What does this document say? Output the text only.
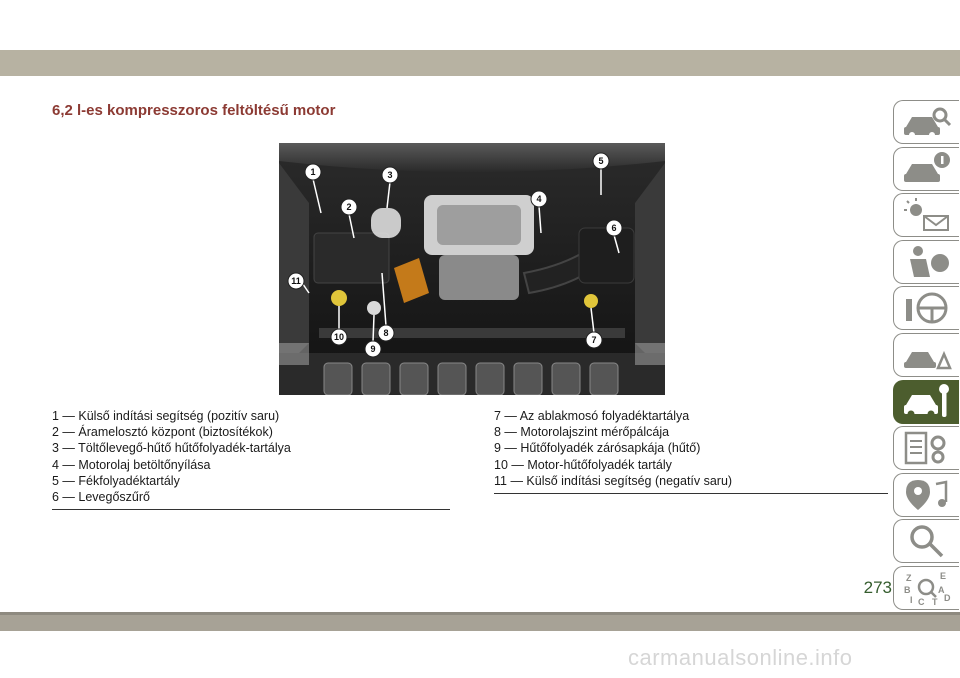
6,2 l-es kompresszoros feltöltésű motor
1
2
3
4
5
6
7
8
9
10
11
1 — Külső indítási segítség (pozitív saru)
2 — Áramelosztó központ (biztosítékok)
3 — Töltőlevegő-hűtő hűtőfolyadék-tartálya
4 — Motorolaj betöltőnyílása
5 — Fékfolyadéktartály
6 — Levegőszűrő
7 — Az ablakmosó folyadéktartálya
8 — Motorolajszint mérőpálcája
9 — Hűtőfolyadék zárósapkája (hűtő)
10 — Motor-hűtőfolyadék tartály
11 — Külső indítási segítség (negatív saru)
Z	E
B	A
I C T D
273
carmanualsonline.info
